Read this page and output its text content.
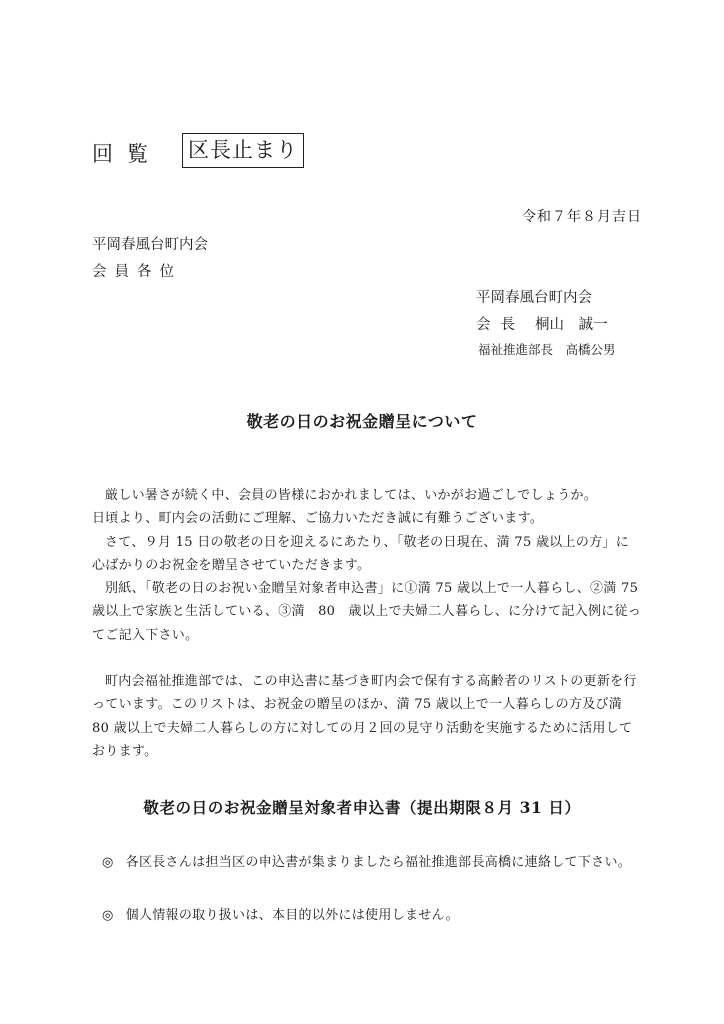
回覧 区長止まり
令和７年８月吉日
平岡春風台町内会
会員各位
平岡春風台町内会
会長 桐山　誠一
福祉推進部長　高橋公男
敬老の日のお祝金贈呈について

厳しい暑さが続く中、会員の皆様におかれましては、いかがお過ごしでしょうか。

日頃より、町内会の活動にご理解、ご協力いただき誠に有難うございます。

さて、９月 15 日の敬老の日を迎えるにあたり、「敬老の日現在、満 75 歳以上の方」に心ばかりのお祝金を贈呈させていただきます。

別紙、「敬老の日のお祝い金贈呈対象者申込書」に①満 75 歳以上で一人暮らし、②満 75 歳以上で家族と生活している、③満　80　歳以上で夫婦二人暮らし、に分けて記入例に従ってご記入下さい。

町内会福祉推進部では、この申込書に基づき町内会で保有する高齢者のリストの更新を行っています。このリストは、お祝金の贈呈のほか、満 75 歳以上で一人暮らしの方及び満 80 歳以上で夫婦二人暮らしの方に対しての月２回の見守り活動を実施するために活用しております。

敬老の日のお祝金贈呈対象者申込書（提出期限８月 31 日）
◎ 各区長さんは担当区の申込書が集まりましたら福祉推進部長高橋に連絡して下さい。
◎ 個人情報の取り扱いは、本目的以外には使用しません。
